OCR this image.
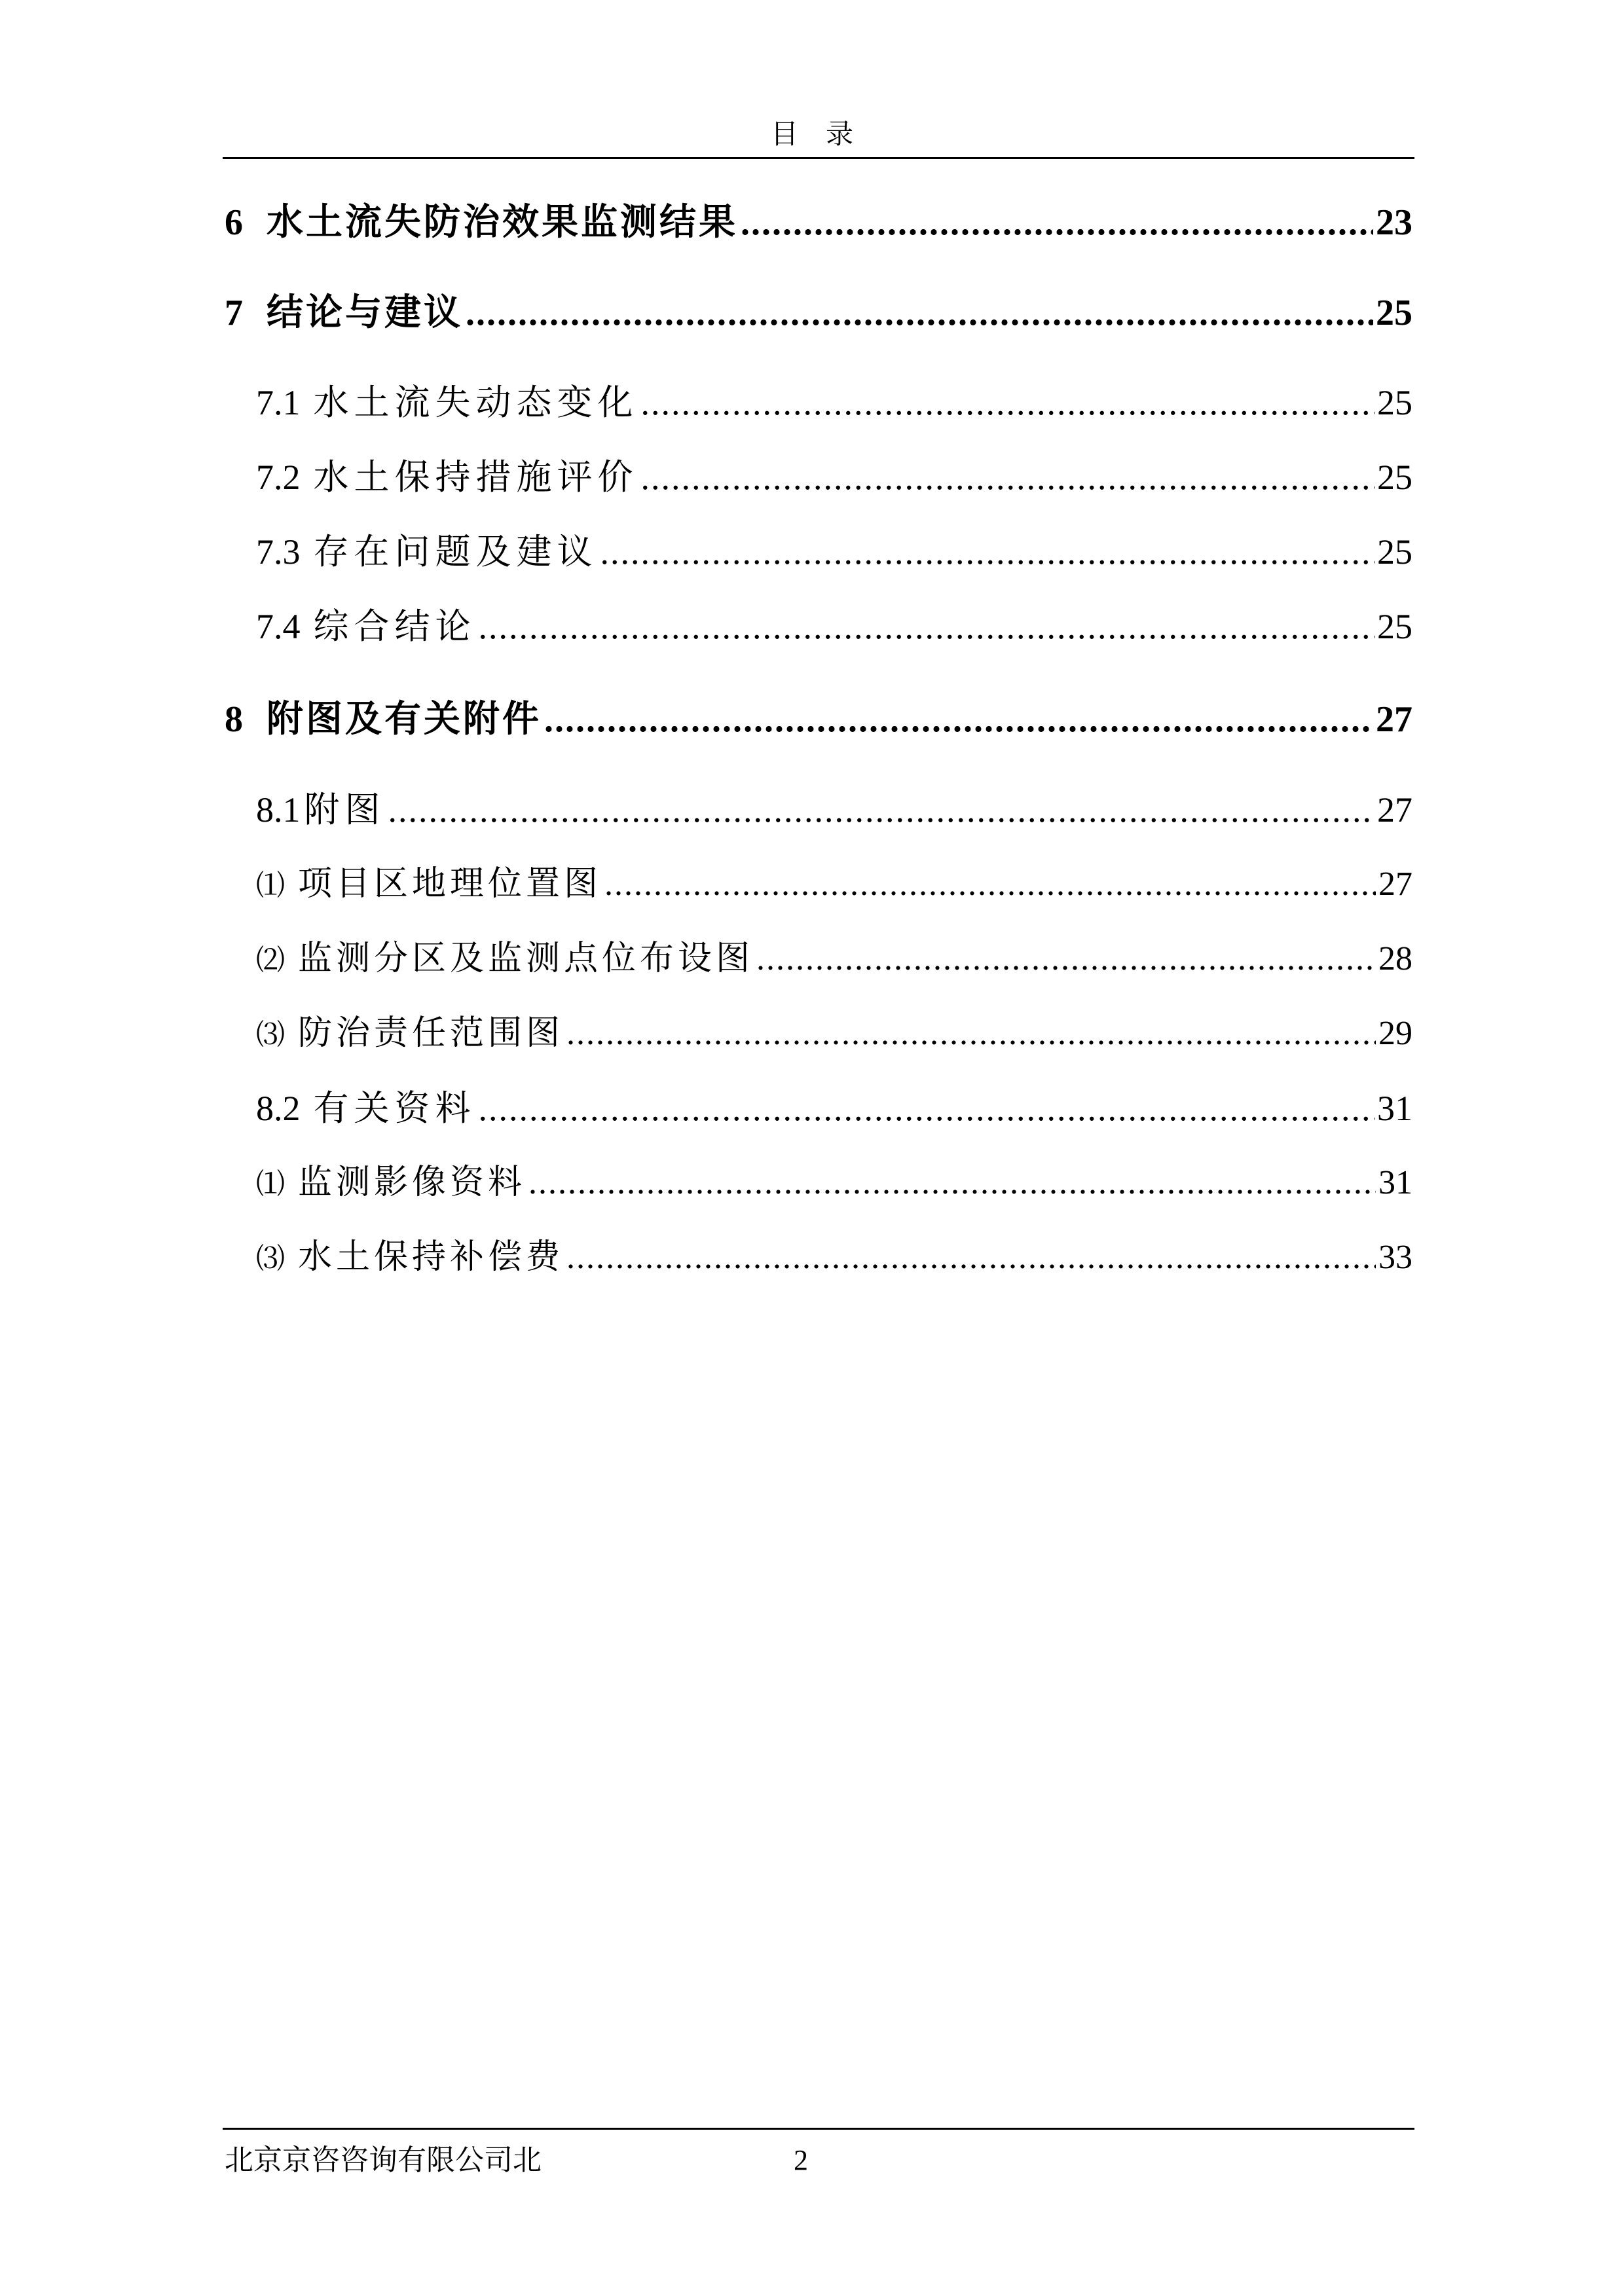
目录
6 水土流失防治效果监测结果 .....	23
7 结论与建议 .....	25
7.1 水土流失动态变化 .....	25
7.2 水土保持措施评价 .....	25
7.3 存在问题及建议 .....	25
7.4 综合结论 .....	25
8 附图及有关附件 .....	27
8.1 附图 .....	27
⑴ 项目区地理位置图 .....	27
⑵ 监测分区及监测点位布设图 .....	28
⑶ 防治责任范围图 .....	29
8.2 有关资料 .....	31
⑴ 监测影像资料 .....	31
⑶ 水土保持补偿费 .....	33
北京京咨咨询有限公司北	2
